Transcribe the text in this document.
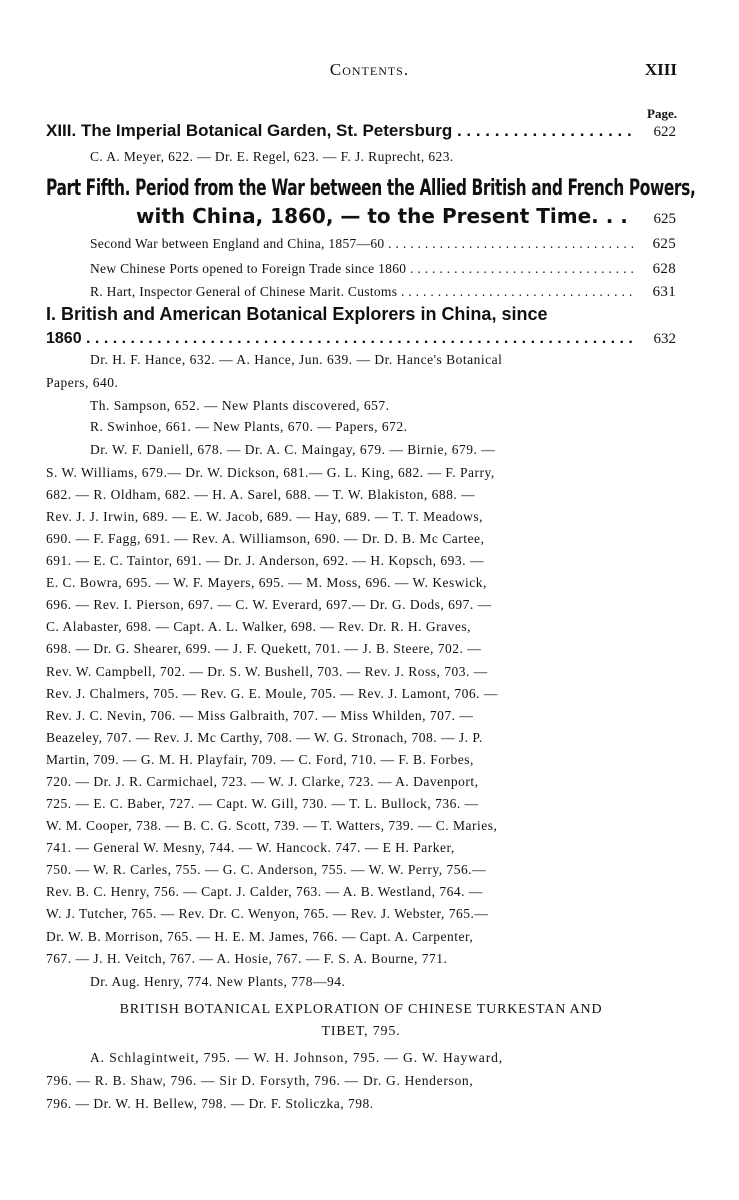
Contents.	XIII
Page.
XIII. The Imperial Botanical Garden, St. Petersburg . . .	622
C. A. Meyer, 622. — Dr. E. Regel, 623. — F. J. Ruprecht, 623.
Part Fifth. Period from the War between the Allied British and French Powers,
with China, 1860, — to the Present Time. . . .	625
Second War between England and China, 1857—60 . . .	625
New Chinese Ports opened to Foreign Trade since 1860 . . .	628
R. Hart, Inspector General of Chinese Marit. Customs . . .	631
I. British and American Botanical Explorers in China, since
1860 . . .	632
Dr. H. F. Hance, 632. — A. Hance, Jun. 639. — Dr. Hance's Botanical
Papers, 640.
Th. Sampson, 652. — New Plants discovered, 657.
R. Swinhoe, 661. — New Plants, 670. — Papers, 672.
Dr. W. F. Daniell, 678. — Dr. A. C. Maingay, 679. — Birnie, 679. —
S. W. Williams, 679.— Dr. W. Dickson, 681.— G. L. King, 682. — F. Parry,
682. — R. Oldham, 682. — H. A. Sarel, 688. — T. W. Blakiston, 688. —
Rev. J. J. Irwin, 689. — E. W. Jacob, 689. — Hay, 689. — T. T. Meadows,
690. — F. Fagg, 691. — Rev. A. Williamson, 690. — Dr. D. B. Mc Cartee,
691. — E. C. Taintor, 691. — Dr. J. Anderson, 692. — H. Kopsch, 693. —
E. C. Bowra, 695. — W. F. Mayers, 695. — M. Moss, 696. — W. Keswick,
696. — Rev. I. Pierson, 697. — C. W. Everard, 697.— Dr. G. Dods, 697. —
C. Alabaster, 698. — Capt. A. L. Walker, 698. — Rev. Dr. R. H. Graves,
698. — Dr. G. Shearer, 699. — J. F. Quekett, 701. — J. B. Steere, 702. —
Rev. W. Campbell, 702. — Dr. S. W. Bushell, 703. — Rev. J. Ross, 703. —
Rev. J. Chalmers, 705. — Rev. G. E. Moule, 705. — Rev. J. Lamont, 706. —
Rev. J. C. Nevin, 706. — Miss Galbraith, 707. — Miss Whilden, 707. —
Beazeley, 707. — Rev. J. Mc Carthy, 708. — W. G. Stronach, 708. — J. P.
Martin, 709. — G. M. H. Playfair, 709. — C. Ford, 710. — F. B. Forbes,
720. — Dr. J. R. Carmichael, 723. — W. J. Clarke, 723. — A. Davenport,
725. — E. C. Baber, 727. — Capt. W. Gill, 730. — T. L. Bullock, 736. —
W. M. Cooper, 738. — B. C. G. Scott, 739. — T. Watters, 739. — C. Maries,
741. — General W. Mesny, 744. — W. Hancock. 747. — E H. Parker,
750. — W. R. Carles, 755. — G. C. Anderson, 755. — W. W. Perry, 756.—
Rev. B. C. Henry, 756. — Capt. J. Calder, 763. — A. B. Westland, 764. —
W. J. Tutcher, 765. — Rev. Dr. C. Wenyon, 765. — Rev. J. Webster, 765.—
Dr. W. B. Morrison, 765. — H. E. M. James, 766. — Capt. A. Carpenter,
767. — J. H. Veitch, 767. — A. Hosie, 767. — F. S. A. Bourne, 771.
Dr. Aug. Henry, 774. New Plants, 778—94.
BRITISH BOTANICAL EXPLORATION OF CHINESE TURKESTAN AND
TIBET, 795.
A. Schlagintweit, 795. — W. H. Johnson, 795. — G. W. Hayward,
796. — R. B. Shaw, 796. — Sir D. Forsyth, 796. — Dr. G. Henderson,
796. — Dr. W. H. Bellew, 798. — Dr. F. Stoliczka, 798.
